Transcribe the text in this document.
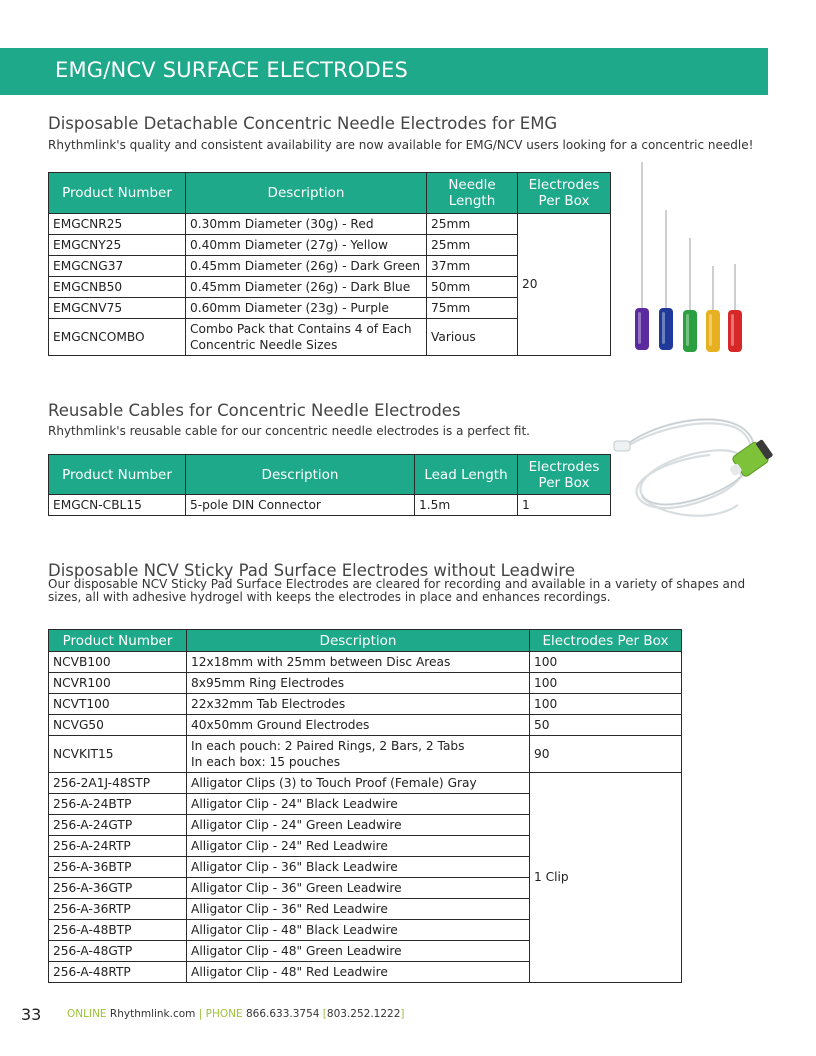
EMG/NCV SURFACE ELECTRODES
Disposable Detachable Concentric Needle Electrodes for EMG

Rhythmlink's quality and consistent availability are now available for EMG/NCV users looking for a concentric needle!

Product Number	Description	Needle Length	Electrodes Per Box
EMGCNR25	0.30mm Diameter (30g) - Red	25mm	20
EMGCNY25	0.40mm Diameter (27g) - Yellow	25mm	
EMGCNG37	0.45mm Diameter (26g) - Dark Green	37mm	
EMGCNB50	0.45mm Diameter (26g) - Dark Blue	50mm	
EMGCNV75	0.60mm Diameter (23g) - Purple	75mm	
EMGCNCOMBO	Combo Pack that Contains 4 of Each Concentric Needle Sizes	Various	
Reusable Cables for Concentric Needle Electrodes

Rhythmlink's reusable cable for our concentric needle electrodes is a perfect fit.

Product Number	Description	Lead Length	Electrodes Per Box
EMGCN-CBL15	5-pole DIN Connector	1.5m	1
Disposable NCV Sticky Pad Surface Electrodes without Leadwire

Our disposable NCV Sticky Pad Surface Electrodes are cleared for recording and available in a variety of shapes and sizes, all with adhesive hydrogel with keeps the electrodes in place and enhances recordings.

Product Number	Description	Electrodes Per Box
NCVB100	12x18mm with 25mm between Disc Areas	100
NCVR100	8x95mm Ring Electrodes	100
NCVT100	22x32mm Tab Electrodes	100
NCVG50	40x50mm Ground Electrodes	50
NCVKIT15	In each pouch: 2 Paired Rings, 2 Bars, 2 Tabs
In each box: 15 pouches	90
256-2A1J-48STP	Alligator Clips (3) to Touch Proof (Female) Gray	1 Clip
256-A-24BTP	Alligator Clip - 24" Black Leadwire	
256-A-24GTP	Alligator Clip - 24" Green Leadwire	
256-A-24RTP	Alligator Clip - 24" Red Leadwire	
256-A-36BTP	Alligator Clip - 36" Black Leadwire	
256-A-36GTP	Alligator Clip - 36" Green Leadwire	
256-A-36RTP	Alligator Clip - 36" Red Leadwire	
256-A-48BTP	Alligator Clip - 48" Black Leadwire	
256-A-48GTP	Alligator Clip - 48" Green Leadwire	
256-A-48RTP	Alligator Clip - 48" Red Leadwire	

33 ONLINE Rhythmlink.com | PHONE 866.633.3754 [803.252.1222]
